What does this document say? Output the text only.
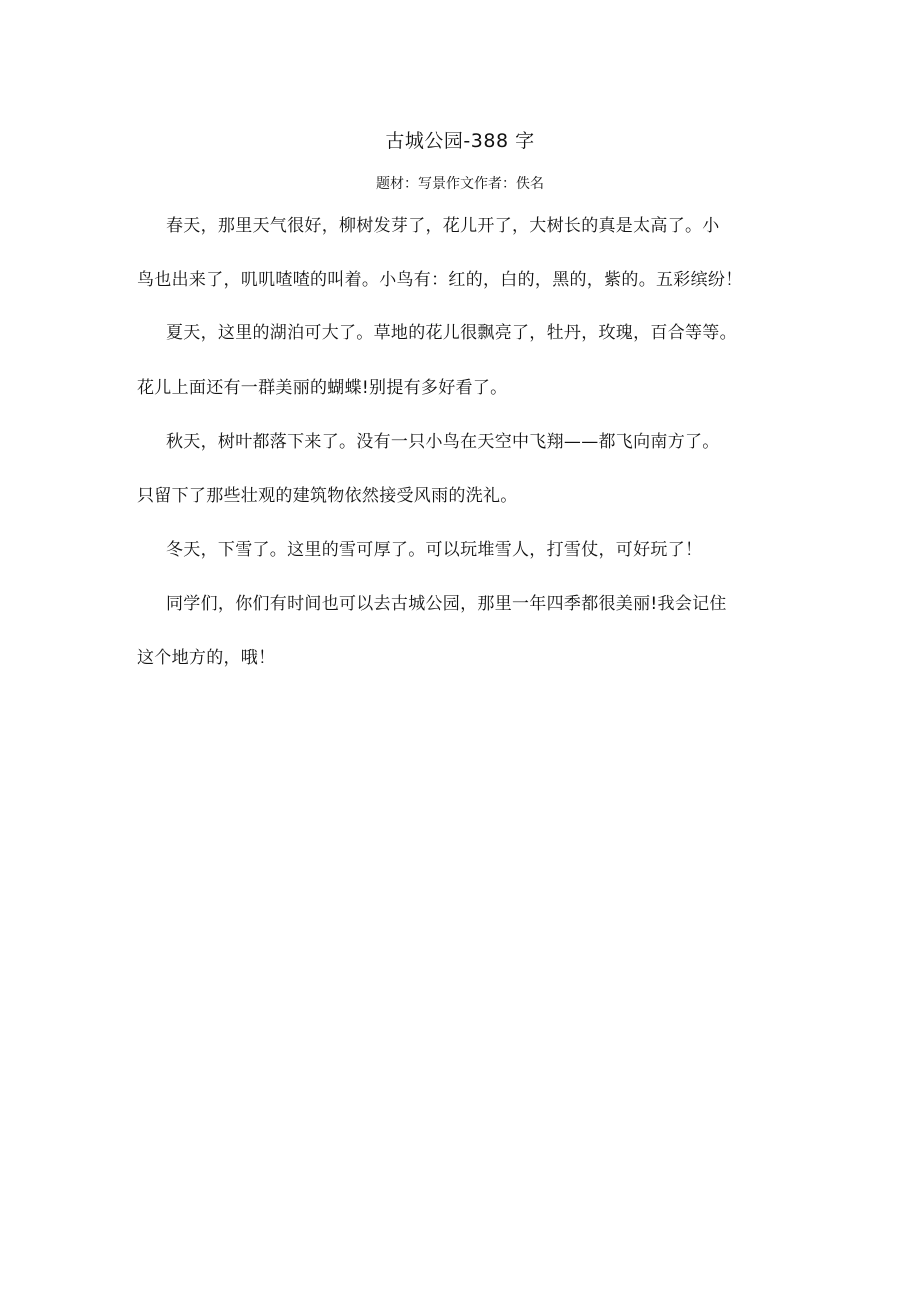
古城公园-388 字
题材：写景作文作者：佚名
春天，那里天气很好，柳树发芽了，花儿开了，大树长的真是太高了。小
鸟也出来了，叽叽喳喳的叫着。小鸟有：红的，白的，黑的，紫的。五彩缤纷！
夏天，这里的湖泊可大了。草地的花儿很飘亮了，牡丹，玫瑰，百合等等。
花儿上面还有一群美丽的蝴蝶!别提有多好看了。
秋天，树叶都落下来了。没有一只小鸟在天空中飞翔——都飞向南方了。
只留下了那些壮观的建筑物依然接受风雨的洗礼。
冬天，下雪了。这里的雪可厚了。可以玩堆雪人，打雪仗，可好玩了！
同学们，你们有时间也可以去古城公园，那里一年四季都很美丽!我会记住
这个地方的，哦！
